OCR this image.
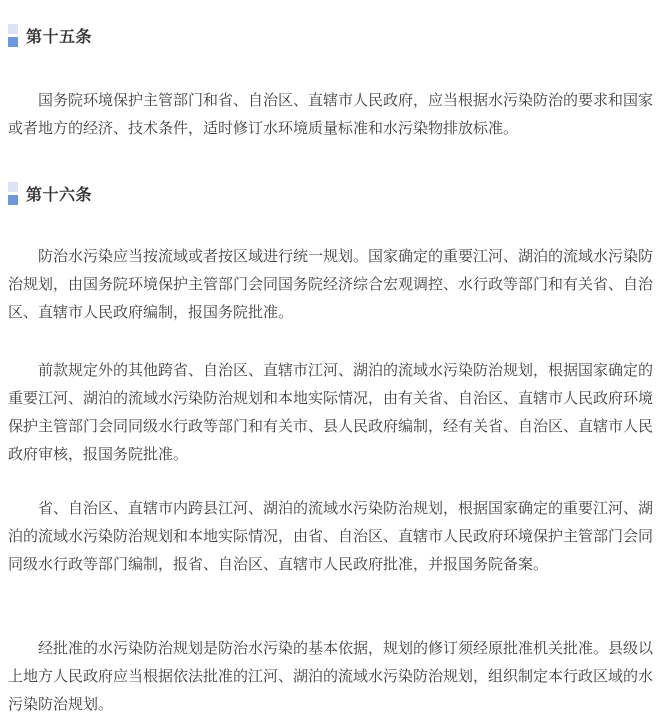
第十五条

国务院环境保护主管部门和省、自治区、直辖市人民政府，应当根据水污染防治的要求和国家或者地方的经济、技术条件，适时修订水环境质量标准和水污染物排放标准。

第十六条

防治水污染应当按流域或者按区域进行统一规划。国家确定的重要江河、湖泊的流域水污染防治规划，由国务院环境保护主管部门会同国务院经济综合宏观调控、水行政等部门和有关省、自治区、直辖市人民政府编制，报国务院批准。

前款规定外的其他跨省、自治区、直辖市江河、湖泊的流域水污染防治规划，根据国家确定的重要江河、湖泊的流域水污染防治规划和本地实际情况，由有关省、自治区、直辖市人民政府环境保护主管部门会同同级水行政等部门和有关市、县人民政府编制，经有关省、自治区、直辖市人民政府审核，报国务院批准。

省、自治区、直辖市内跨县江河、湖泊的流域水污染防治规划，根据国家确定的重要江河、湖泊的流域水污染防治规划和本地实际情况，由省、自治区、直辖市人民政府环境保护主管部门会同同级水行政等部门编制，报省、自治区、直辖市人民政府批准，并报国务院备案。

经批准的水污染防治规划是防治水污染的基本依据，规划的修订须经原批准机关批准。县级以上地方人民政府应当根据依法批准的江河、湖泊的流域水污染防治规划，组织制定本行政区域的水污染防治规划。
